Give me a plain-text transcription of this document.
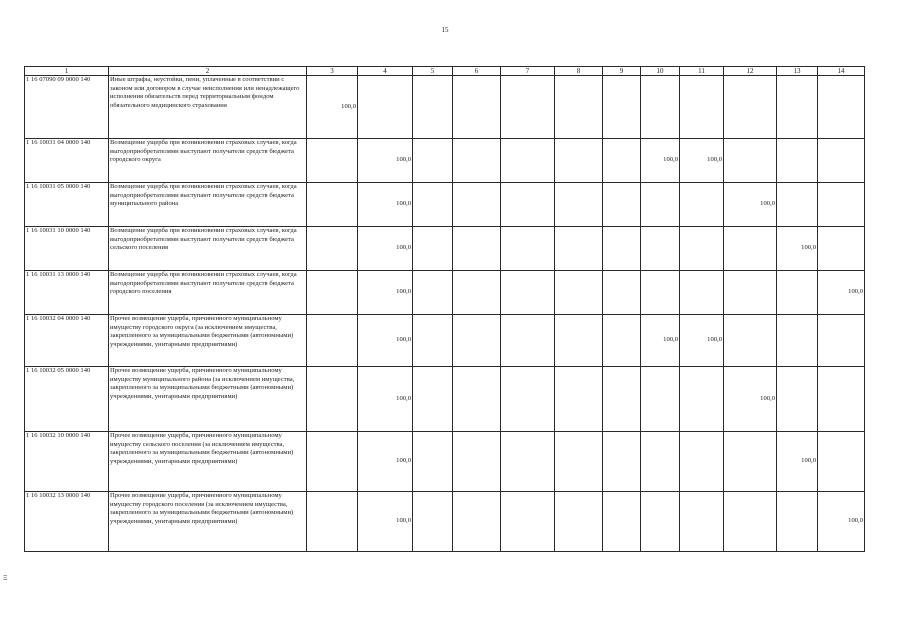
15
1	2	3	4	5	6	7	8	9	10	11	12	13	14
1 16 07090 09 0000 140	Иные штрафы, неустойки, пени, уплаченные в соответствии с законом или договором в случае неисполнения или ненадлежащего исполнения обязательств перед территориальным фондом обязательного медицинского страхования	100,0											
1 16 10031 04 0000 140	Возмещение ущерба при возникновении страховых случаев, когда выгодоприобретателями выступают получатели средств бюджета городского округа		100,0						100,0	100,0			
1 16 10031 05 0000 140	Возмещение ущерба при возникновении страховых случаев, когда выгодоприобретателями выступают получатели средств бюджета муниципального района		100,0								100,0		
1 16 10031 10 0000 140	Возмещение ущерба при возникновении страховых случаев, когда выгодоприобретателями выступают получатели средств бюджета сельского поселения		100,0									100,0	
1 16 10031 13 0000 140	Возмещение ущерба при возникновении страховых случаев, когда выгодоприобретателями выступают получатели средств бюджета городского поселения		100,0										100,0
1 16 10032 04 0000 140	Прочее возмещение ущерба, причиненного муниципальному имуществу городского округа (за исключением имущества, закрепленного за муниципальными бюджетными (автономными) учреждениями, унитарными предприятиями)		100,0						100,0	100,0			
1 16 10032 05 0000 140	Прочее возмещение ущерба, причиненного муниципальному имуществу муниципального района (за исключением имущества, закрепленного за муниципальными бюджетными (автономными) учреждениями, унитарными предприятиями)		100,0								100,0		
1 16 10032 10 0000 140	Прочее возмещение ущерба, причиненного муниципальному имуществу сельского поселения (за исключением имущества, закрепленного за муниципальными бюджетными (автономными) учреждениями, унитарными предприятиями)		100,0									100,0	
1 16 10032 13 0000 140	Прочее возмещение ущерба, причиненного муниципальному имуществу городского поселения (за исключением имущества, закрепленного за муниципальными бюджетными (автономными) учреждениями, унитарными предприятиями)		100,0										100,0
Ξ
